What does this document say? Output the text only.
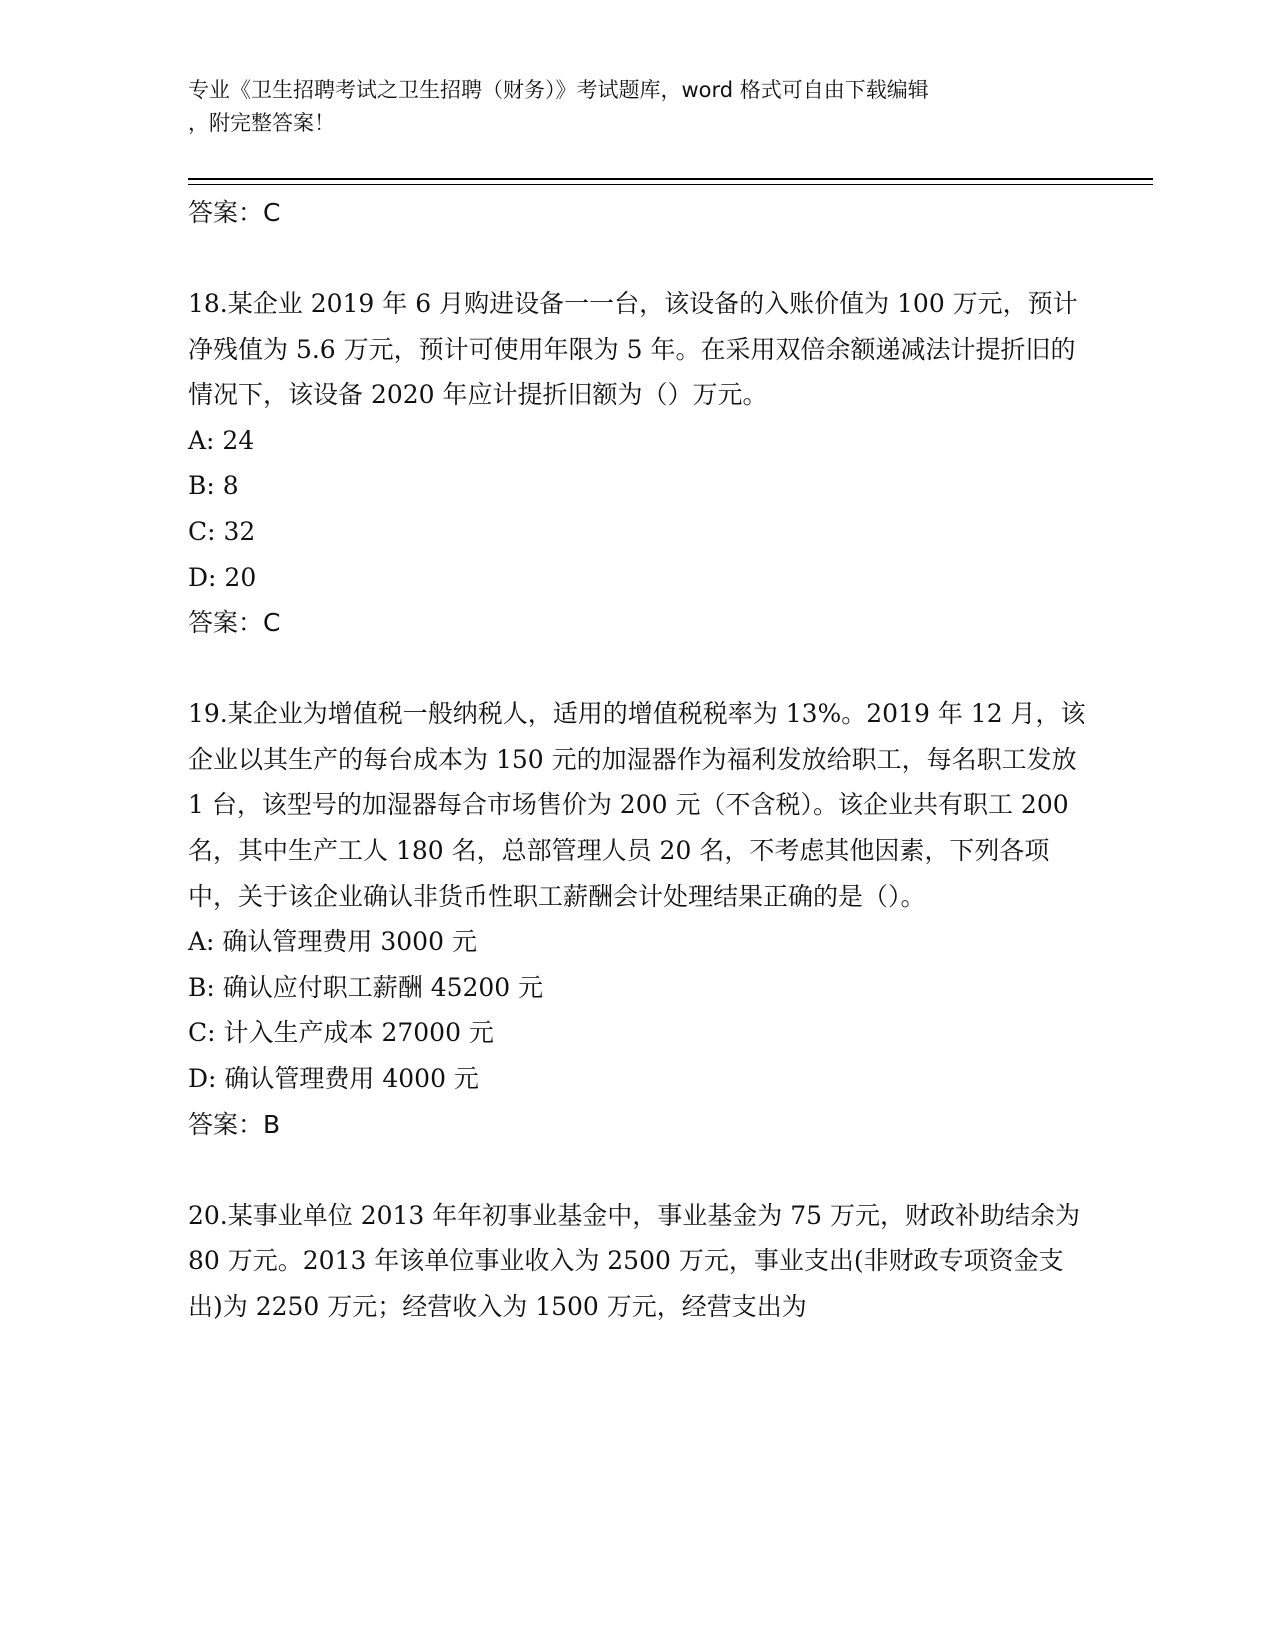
专业《卫生招聘考试之卫生招聘（财务）》考试题库，word 格式可自由下载编辑
，附完整答案！

答案：C

18.某企业 2019 年 6 月购进设备一一台，该设备的入账价值为 100 万元，预计净残值为 5.6 万元，预计可使用年限为 5 年。在采用双倍余额递减法计提折旧的情况下，该设备 2020 年应计提折旧额为（）万元。

A: 24

B: 8

C: 32

D: 20

答案：C

19.某企业为增值税一般纳税人，适用的增值税税率为 13%。2019 年 12 月，该企业以其生产的每台成本为 150 元的加湿器作为福利发放给职工，每名职工发放 1 台，该型号的加湿器每合市场售价为 200 元（不含税）。该企业共有职工 200 名，其中生产工人 180 名，总部管理人员 20 名，不考虑其他因素，下列各项中，关于该企业确认非货币性职工薪酬会计处理结果正确的是（）。

A: 确认管理费用 3000 元

B: 确认应付职工薪酬 45200 元

C: 计入生产成本 27000 元

D: 确认管理费用 4000 元

答案：B

20.某事业单位 2013 年年初事业基金中，事业基金为 75 万元，财政补助结余为 80 万元。2013 年该单位事业收入为 2500 万元，事业支出(非财政专项资金支出)为 2250 万元；经营收入为 1500 万元，经营支出为
